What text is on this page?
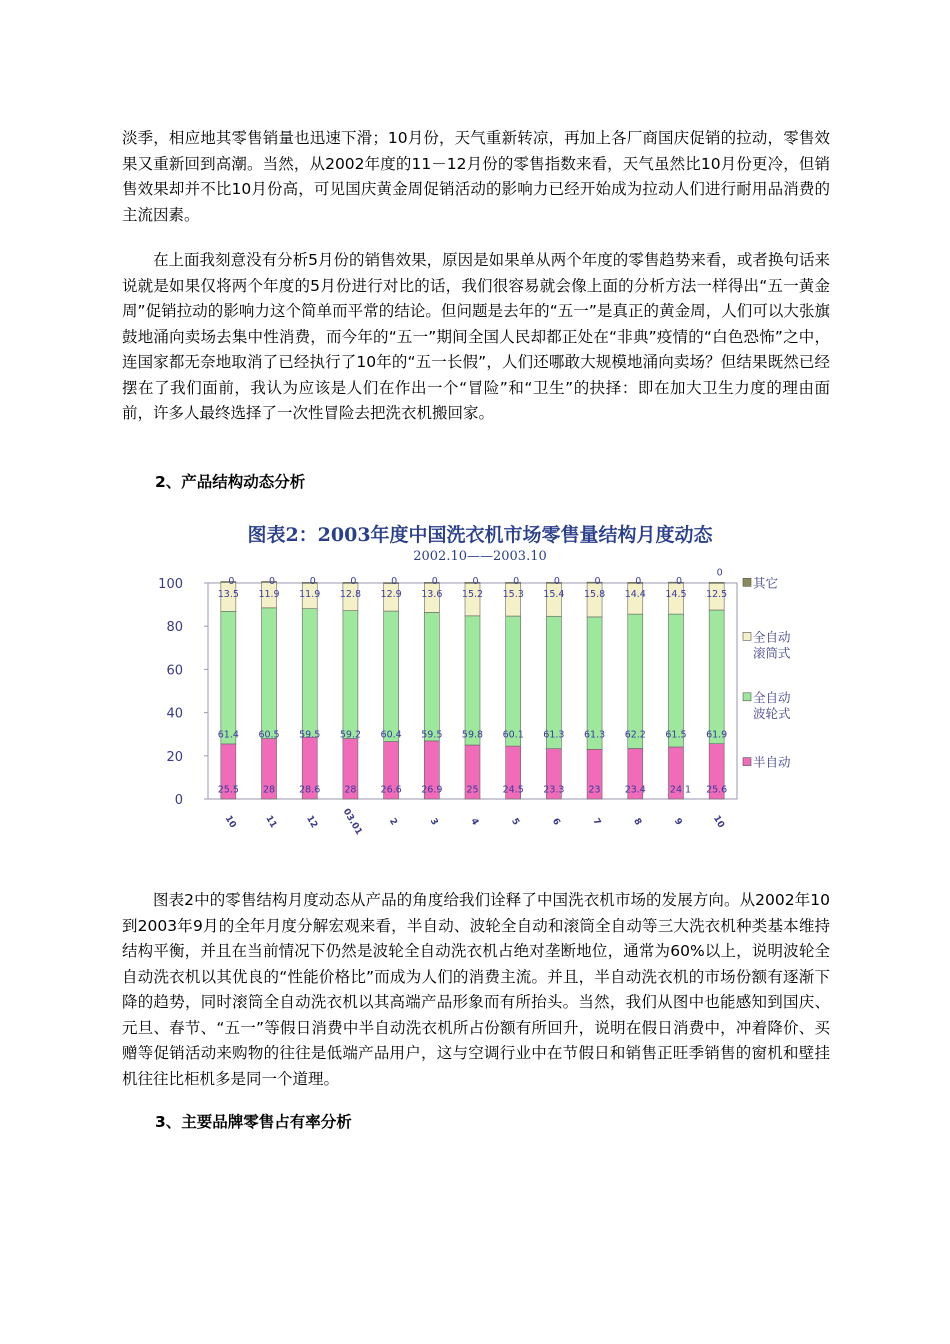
淡季，相应地其零售销量也迅速下滑；10月份，天气重新转凉，再加上各厂商国庆促销的拉动，零售效果又重新回到高潮。当然，从2002年度的11－12月份的零售指数来看，天气虽然比10月份更冷，但销售效果却并不比10月份高，可见国庆黄金周促销活动的影响力已经开始成为拉动人们进行耐用品消费的主流因素。

在上面我刻意没有分析5月份的销售效果，原因是如果单从两个年度的零售趋势来看，或者换句话来说就是如果仅将两个年度的5月份进行对比的话，我们很容易就会像上面的分析方法一样得出“五一黄金周”促销拉动的影响力这个简单而平常的结论。但问题是去年的“五一”是真正的黄金周，人们可以大张旗鼓地涌向卖场去集中性消费，而今年的“五一”期间全国人民却都正处在“非典”疫情的“白色恐怖”之中，连国家都无奈地取消了已经执行了10年的“五一长假”，人们还哪敢大规模地涌向卖场？但结果既然已经摆在了我们面前，我认为应该是人们在作出一个“冒险”和“卫生”的抉择：即在加大卫生力度的理由面前，许多人最终选择了一次性冒险去把洗衣机搬回家。

2、产品结构动态分析
图表2：2003年度中国洗衣机市场零售量结构月度动态
2002.10——2003.10
0
20
40
60
80
100
25.5
61.4
13.5
0
10
28
60.5
11.9
0
11
28.6
59.5
11.9
0
12
28
59.2
12.8
0
03.01
26.6
60.4
12.9
0
2
26.9
59.5
13.6
0
3
25
59.8
15.2
0
4
24.5
60.1
15.3
0
5
23.3
61.3
15.4
0
6
23
61.3
15.8
0
7
23.4
62.2
14.4
0
8
24
61.5
14.5
0
9
25.6
61.9
12.5
0
10
1
其它
全自动
滚筒式
全自动
波轮式
半自动

图表2中的零售结构月度动态从产品的角度给我们诠释了中国洗衣机市场的发展方向。从2002年10到2003年9月的全年月度分解宏观来看，半自动、波轮全自动和滚筒全自动等三大洗衣机种类基本维持结构平衡，并且在当前情况下仍然是波轮全自动洗衣机占绝对垄断地位，通常为60%以上，说明波轮全自动洗衣机以其优良的“性能价格比”而成为人们的消费主流。并且，半自动洗衣机的市场份额有逐渐下降的趋势，同时滚筒全自动洗衣机以其高端产品形象而有所抬头。当然，我们从图中也能感知到国庆、元旦、春节、“五一”等假日消费中半自动洗衣机所占份额有所回升，说明在假日消费中，冲着降价、买赠等促销活动来购物的往往是低端产品用户，这与空调行业中在节假日和销售正旺季销售的窗机和壁挂机往往比柜机多是同一个道理。

3、主要品牌零售占有率分析
